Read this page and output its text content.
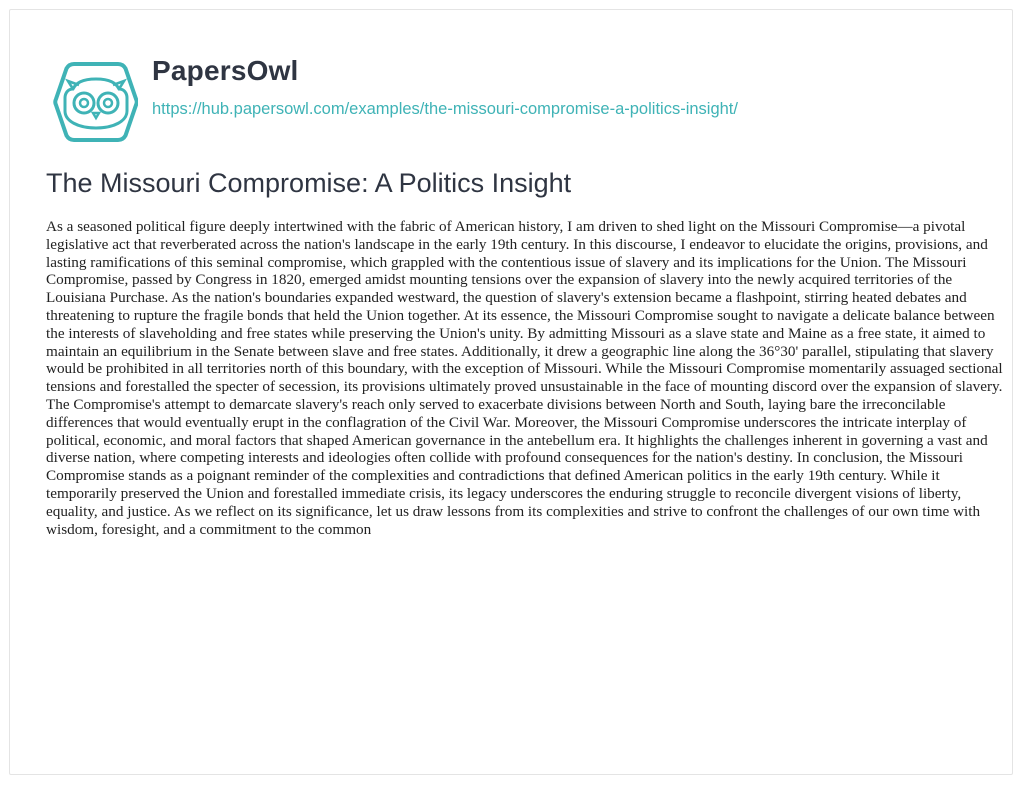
PapersOwl
https://hub.papersowl.com/examples/the-missouri-compromise-a-politics-insight/
The Missouri Compromise: A Politics Insight

As a seasoned political figure deeply intertwined with the fabric of American history, I am driven to shed light on the Missouri Compromise—a pivotal legislative act that reverberated across the nation's landscape in the early 19th century. In this discourse, I endeavor to elucidate the origins, provisions, and lasting ramifications of this seminal compromise, which grappled with the contentious issue of slavery and its implications for the Union. The Missouri Compromise, passed by Congress in 1820, emerged amidst mounting tensions over the expansion of slavery into the newly acquired territories of the Louisiana Purchase. As the nation's boundaries expanded westward, the question of slavery's extension became a flashpoint, stirring heated debates and threatening to rupture the fragile bonds that held the Union together. At its essence, the Missouri Compromise sought to navigate a delicate balance between the interests of slaveholding and free states while preserving the Union's unity. By admitting Missouri as a slave state and Maine as a free state, it aimed to maintain an equilibrium in the Senate between slave and free states. Additionally, it drew a geographic line along the 36°30' parallel, stipulating that slavery would be prohibited in all territories north of this boundary, with the exception of Missouri. While the Missouri Compromise momentarily assuaged sectional tensions and forestalled the specter of secession, its provisions ultimately proved unsustainable in the face of mounting discord over the expansion of slavery. The Compromise's attempt to demarcate slavery's reach only served to exacerbate divisions between North and South, laying bare the irreconcilable differences that would eventually erupt in the conflagration of the Civil War. Moreover, the Missouri Compromise underscores the intricate interplay of political, economic, and moral factors that shaped American governance in the antebellum era. It highlights the challenges inherent in governing a vast and diverse nation, where competing interests and ideologies often collide with profound consequences for the nation's destiny. In conclusion, the Missouri Compromise stands as a poignant reminder of the complexities and contradictions that defined American politics in the early 19th century. While it temporarily preserved the Union and forestalled immediate crisis, its legacy underscores the enduring struggle to reconcile divergent visions of liberty, equality, and justice. As we reflect on its significance, let us draw lessons from its complexities and strive to confront the challenges of our own time with wisdom, foresight, and a commitment to the common
